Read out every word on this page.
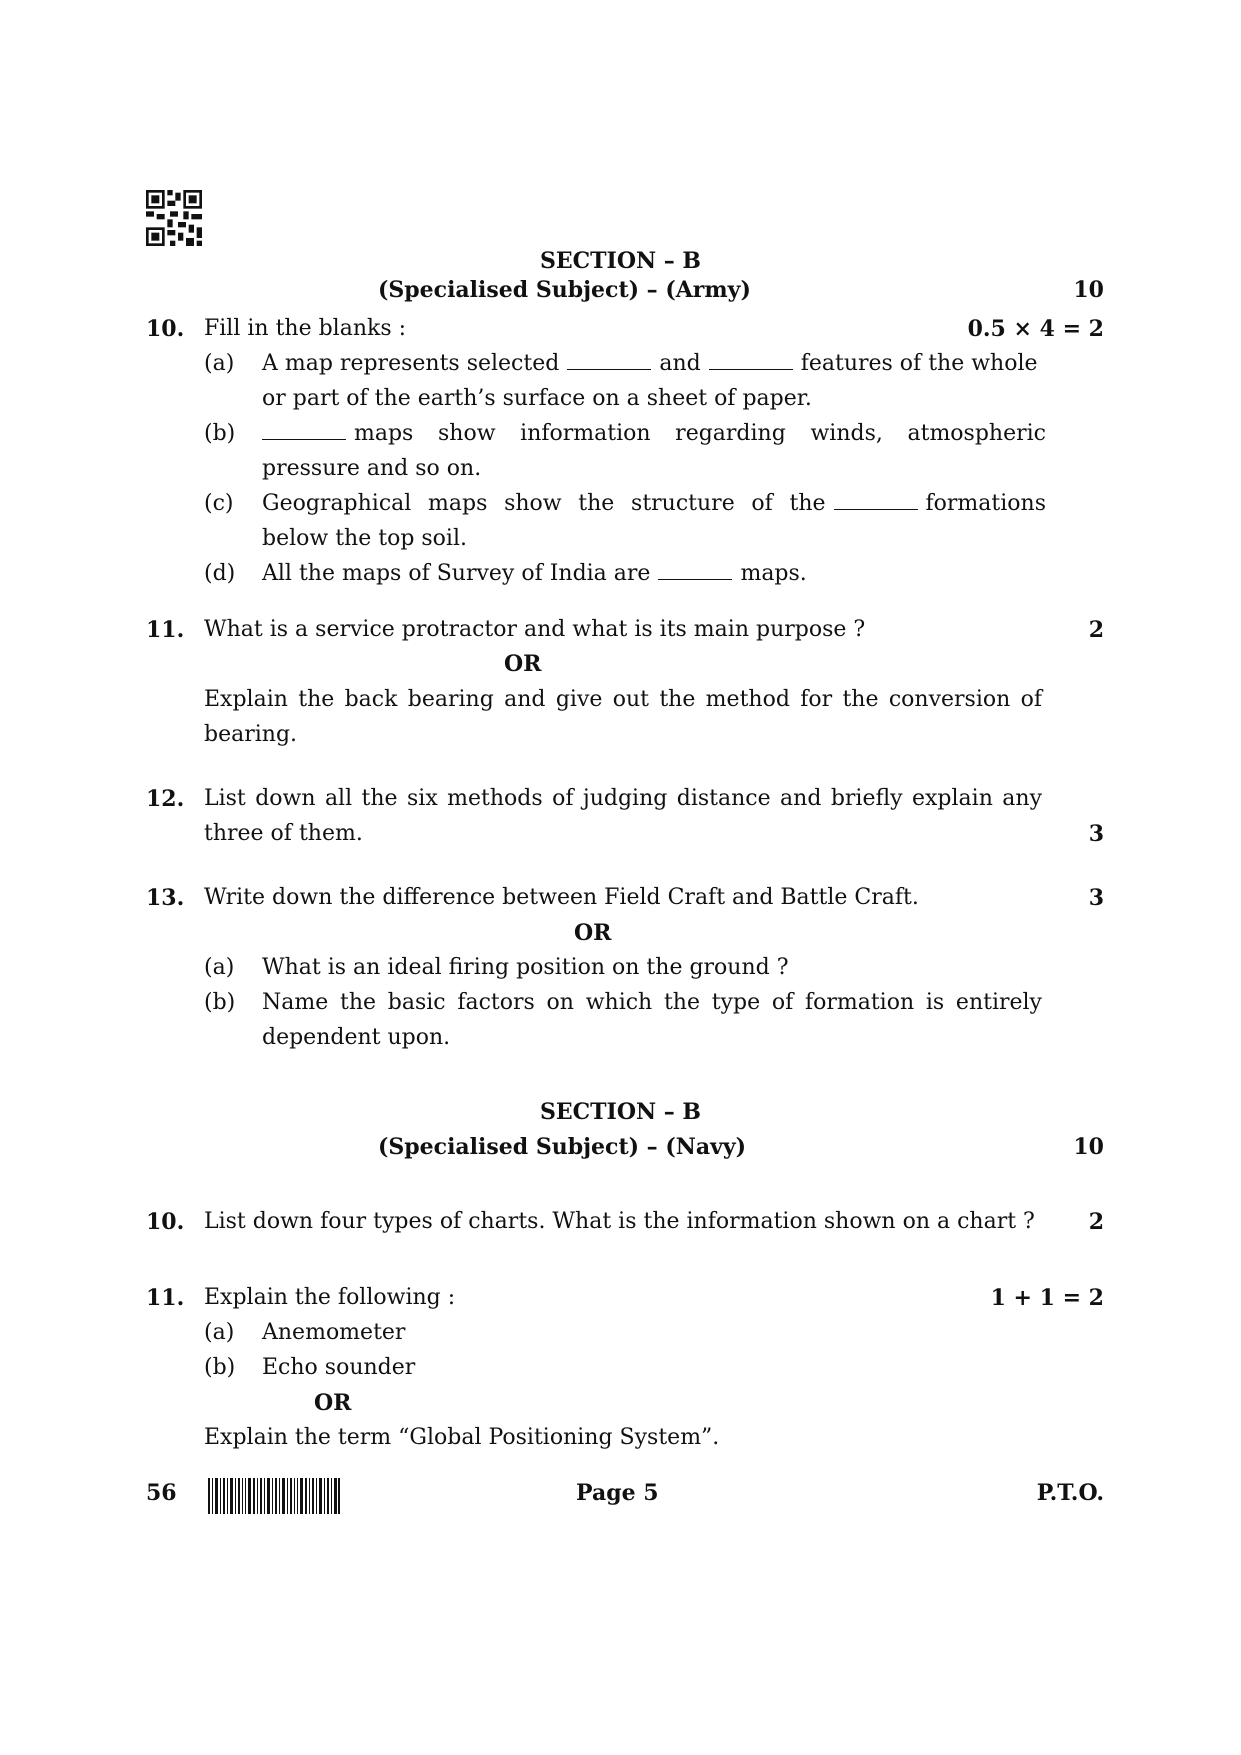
SECTION – B
(Specialised Subject) – (Army)	10
10. Fill in the blanks :	0.5 × 4 = 2
(a) A map represents selected	and	features of the whole
or part of the earth’s surface on a sheet of paper.
(b)	maps show information regarding winds, atmospheric
pressure and so on.
(c) Geographical maps show the structure of the	formations
below the top soil.
(d) All the maps of Survey of India are	maps.
11. What is a service protractor and what is its main purpose ?	2
OR
Explain the back bearing and give out the method for the conversion of
bearing.
12. List down all the six methods of judging distance and briefly explain any
three of them.	3
13. Write down the difference between Field Craft and Battle Craft.	3
OR
(a) What is an ideal firing position on the ground ?
(b) Name the basic factors on which the type of formation is entirely
dependent upon.
SECTION – B
(Specialised Subject) – (Navy)	10
10. List down four types of charts. What is the information shown on a chart ? 2
11. Explain the following :	1 + 1 = 2
(a) Anemometer
(b) Echo sounder
OR
Explain the term “Global Positioning System”.
56	Page 5	P.T.O.
